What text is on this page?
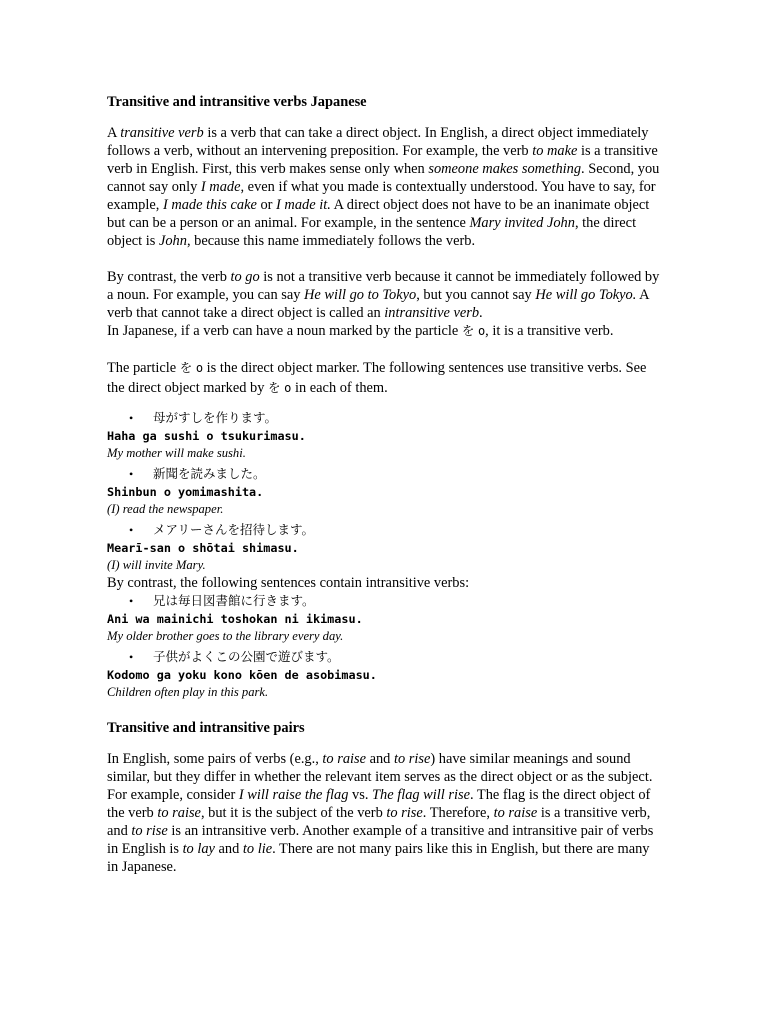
Transitive and intransitive verbs Japanese

A transitive verb is a verb that can take a direct object. In English, a direct object immediately follows a verb, without an intervening preposition. For example, the verb to make is a transitive verb in English. First, this verb makes sense only when someone makes something. Second, you cannot say only I made, even if what you made is contextually understood. You have to say, for example, I made this cake or I made it. A direct object does not have to be an inanimate object but can be a person or an animal. For example, in the sentence Mary invited John, the direct object is John, because this name immediately follows the verb.

By contrast, the verb to go is not a transitive verb because it cannot be immediately followed by a noun. For example, you can say He will go to Tokyo, but you cannot say He will go Tokyo. A verb that cannot take a direct object is called an intransitive verb.

In Japanese, if a verb can have a noun marked by the particle を o, it is a transitive verb.

The particle を o is the direct object marker. The following sentences use transitive verbs. See the direct object marked by を o in each of them.

•	母がすしを作ります。
Haha ga sushi o tsukurimasu.
My mother will make sushi.
•	新聞を読みました。
Shinbun o yomimashita.
(I) read the newspaper.
•	メアリーさんを招待します。
Mearī-san o shōtai shimasu.
(I) will invite Mary.
By contrast, the following sentences contain intransitive verbs:
•	兄は毎日図書館に行きます。
Ani wa mainichi toshokan ni ikimasu.
My older brother goes to the library every day.
•	子供がよくこの公園で遊びます。
Kodomo ga yoku kono kōen de asobimasu.
Children often play in this park.
Transitive and intransitive pairs

In English, some pairs of verbs (e.g., to raise and to rise) have similar meanings and sound similar, but they differ in whether the relevant item serves as the direct object or as the subject. For example, consider I will raise the flag vs. The flag will rise. The flag is the direct object of the verb to raise, but it is the subject of the verb to rise. Therefore, to raise is a transitive verb, and to rise is an intransitive verb. Another example of a transitive and intransitive pair of verbs in English is to lay and to lie. There are not many pairs like this in English, but there are many in Japanese.
